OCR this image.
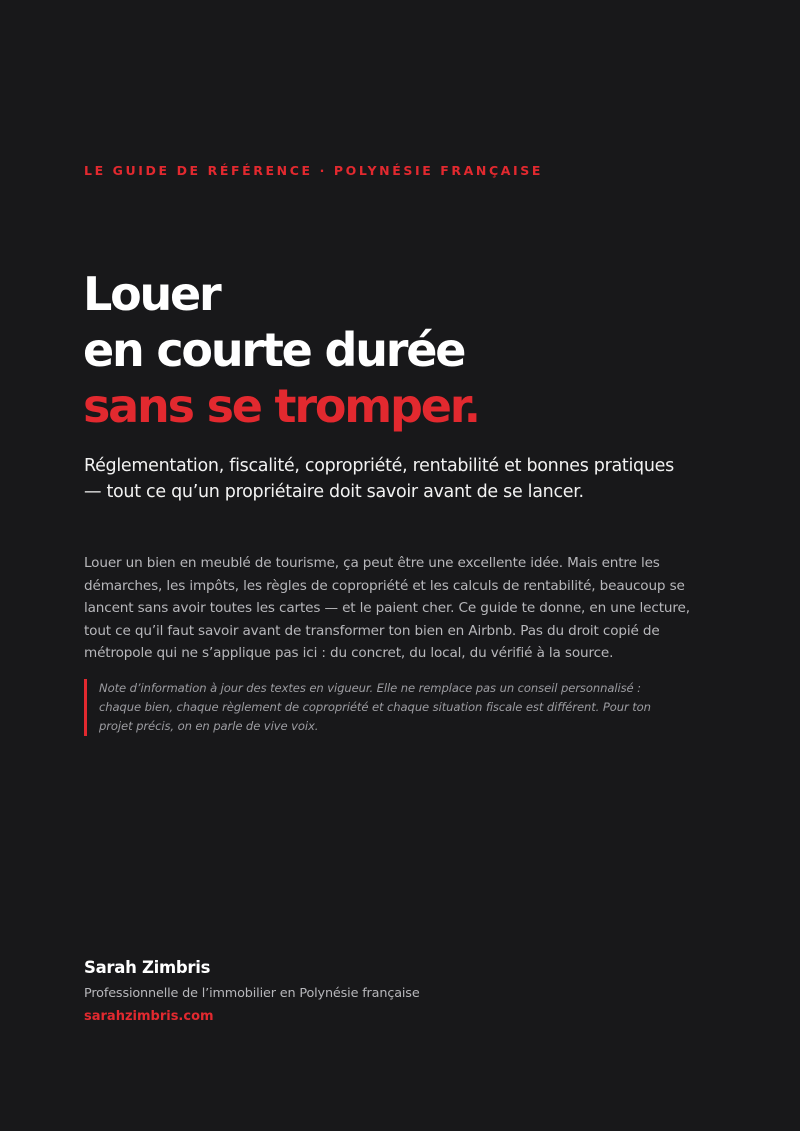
LE GUIDE DE RÉFÉRENCE · POLYNÉSIE FRANÇAISE
Louer
en courte durée
sans se tromper.

Réglementation, fiscalité, copropriété, rentabilité et bonnes pratiques — tout ce qu’un propriétaire doit savoir avant de se lancer.

Louer un bien en meublé de tourisme, ça peut être une excellente idée. Mais entre les démarches, les impôts, les règles de copropriété et les calculs de rentabilité, beaucoup se lancent sans avoir toutes les cartes — et le paient cher. Ce guide te donne, en une lecture, tout ce qu’il faut savoir avant de transformer ton bien en Airbnb. Pas du droit copié de métropole qui ne s’applique pas ici : du concret, du local, du vérifié à la source.

Note d’information à jour des textes en vigueur. Elle ne remplace pas un conseil personnalisé : chaque bien, chaque règlement de copropriété et chaque situation fiscale est différent. Pour ton projet précis, on en parle de vive voix.

Sarah Zimbris
Professionnelle de l’immobilier en Polynésie française
sarahzimbris.com
